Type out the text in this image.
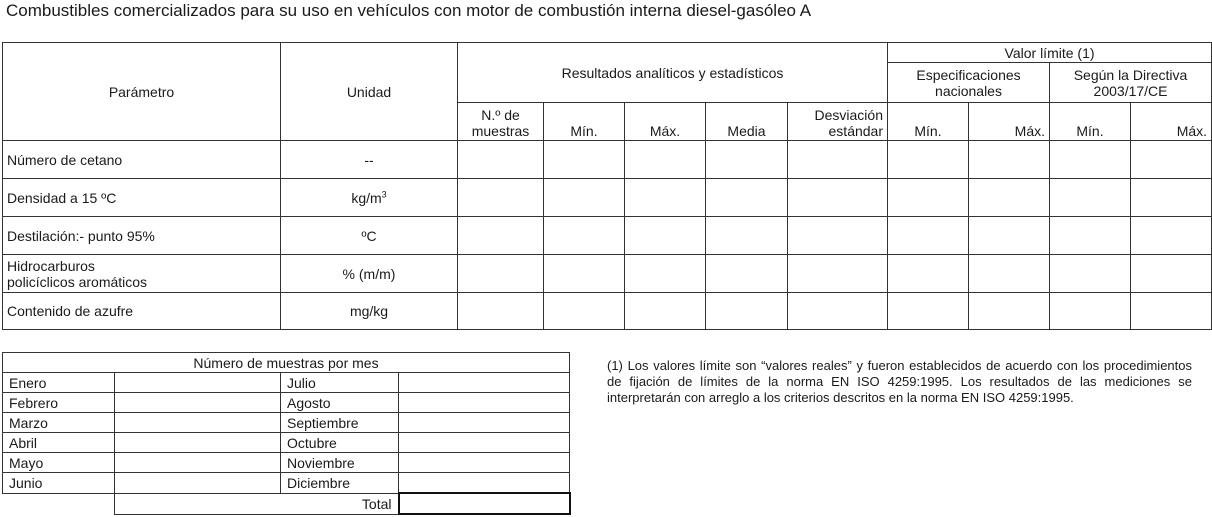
Combustibles comercializados para su uso en vehículos con motor de combustión interna diesel-gasóleo A
Parámetro	Unidad	Resultados analíticos y estadísticos					Valor límite (1)			
							Especificaciones nacionales		Según la Directiva 2003/17/CE	
		N.º de muestras	Mín.	Máx.	Media	Desviación estándar	Mín.	Máx.	Mín.	Máx.
Número de cetano	--									
Densidad a 15 ºC	$kg/m^3$									
Destilación:- punto 95%	ºC									
Hidrocarburos policíclicos aromáticos	% (m/m)									
Contenido de azufre	mg/kg									
Número de muestras por mes			
Enero		Julio	
Febrero		Agosto	
Marzo		Septiembre	
Abril		Octubre	
Mayo		Noviembre	
Junio		Diciembre	
	Total		
(1) Los valores límite son “valores reales” y fueron establecidos de acuerdo con los procedimientos de fijación de límites de la norma EN ISO 4259:1995. Los resultados de las mediciones se interpretarán con arreglo a los criterios descritos en la norma EN ISO 4259:1995.
